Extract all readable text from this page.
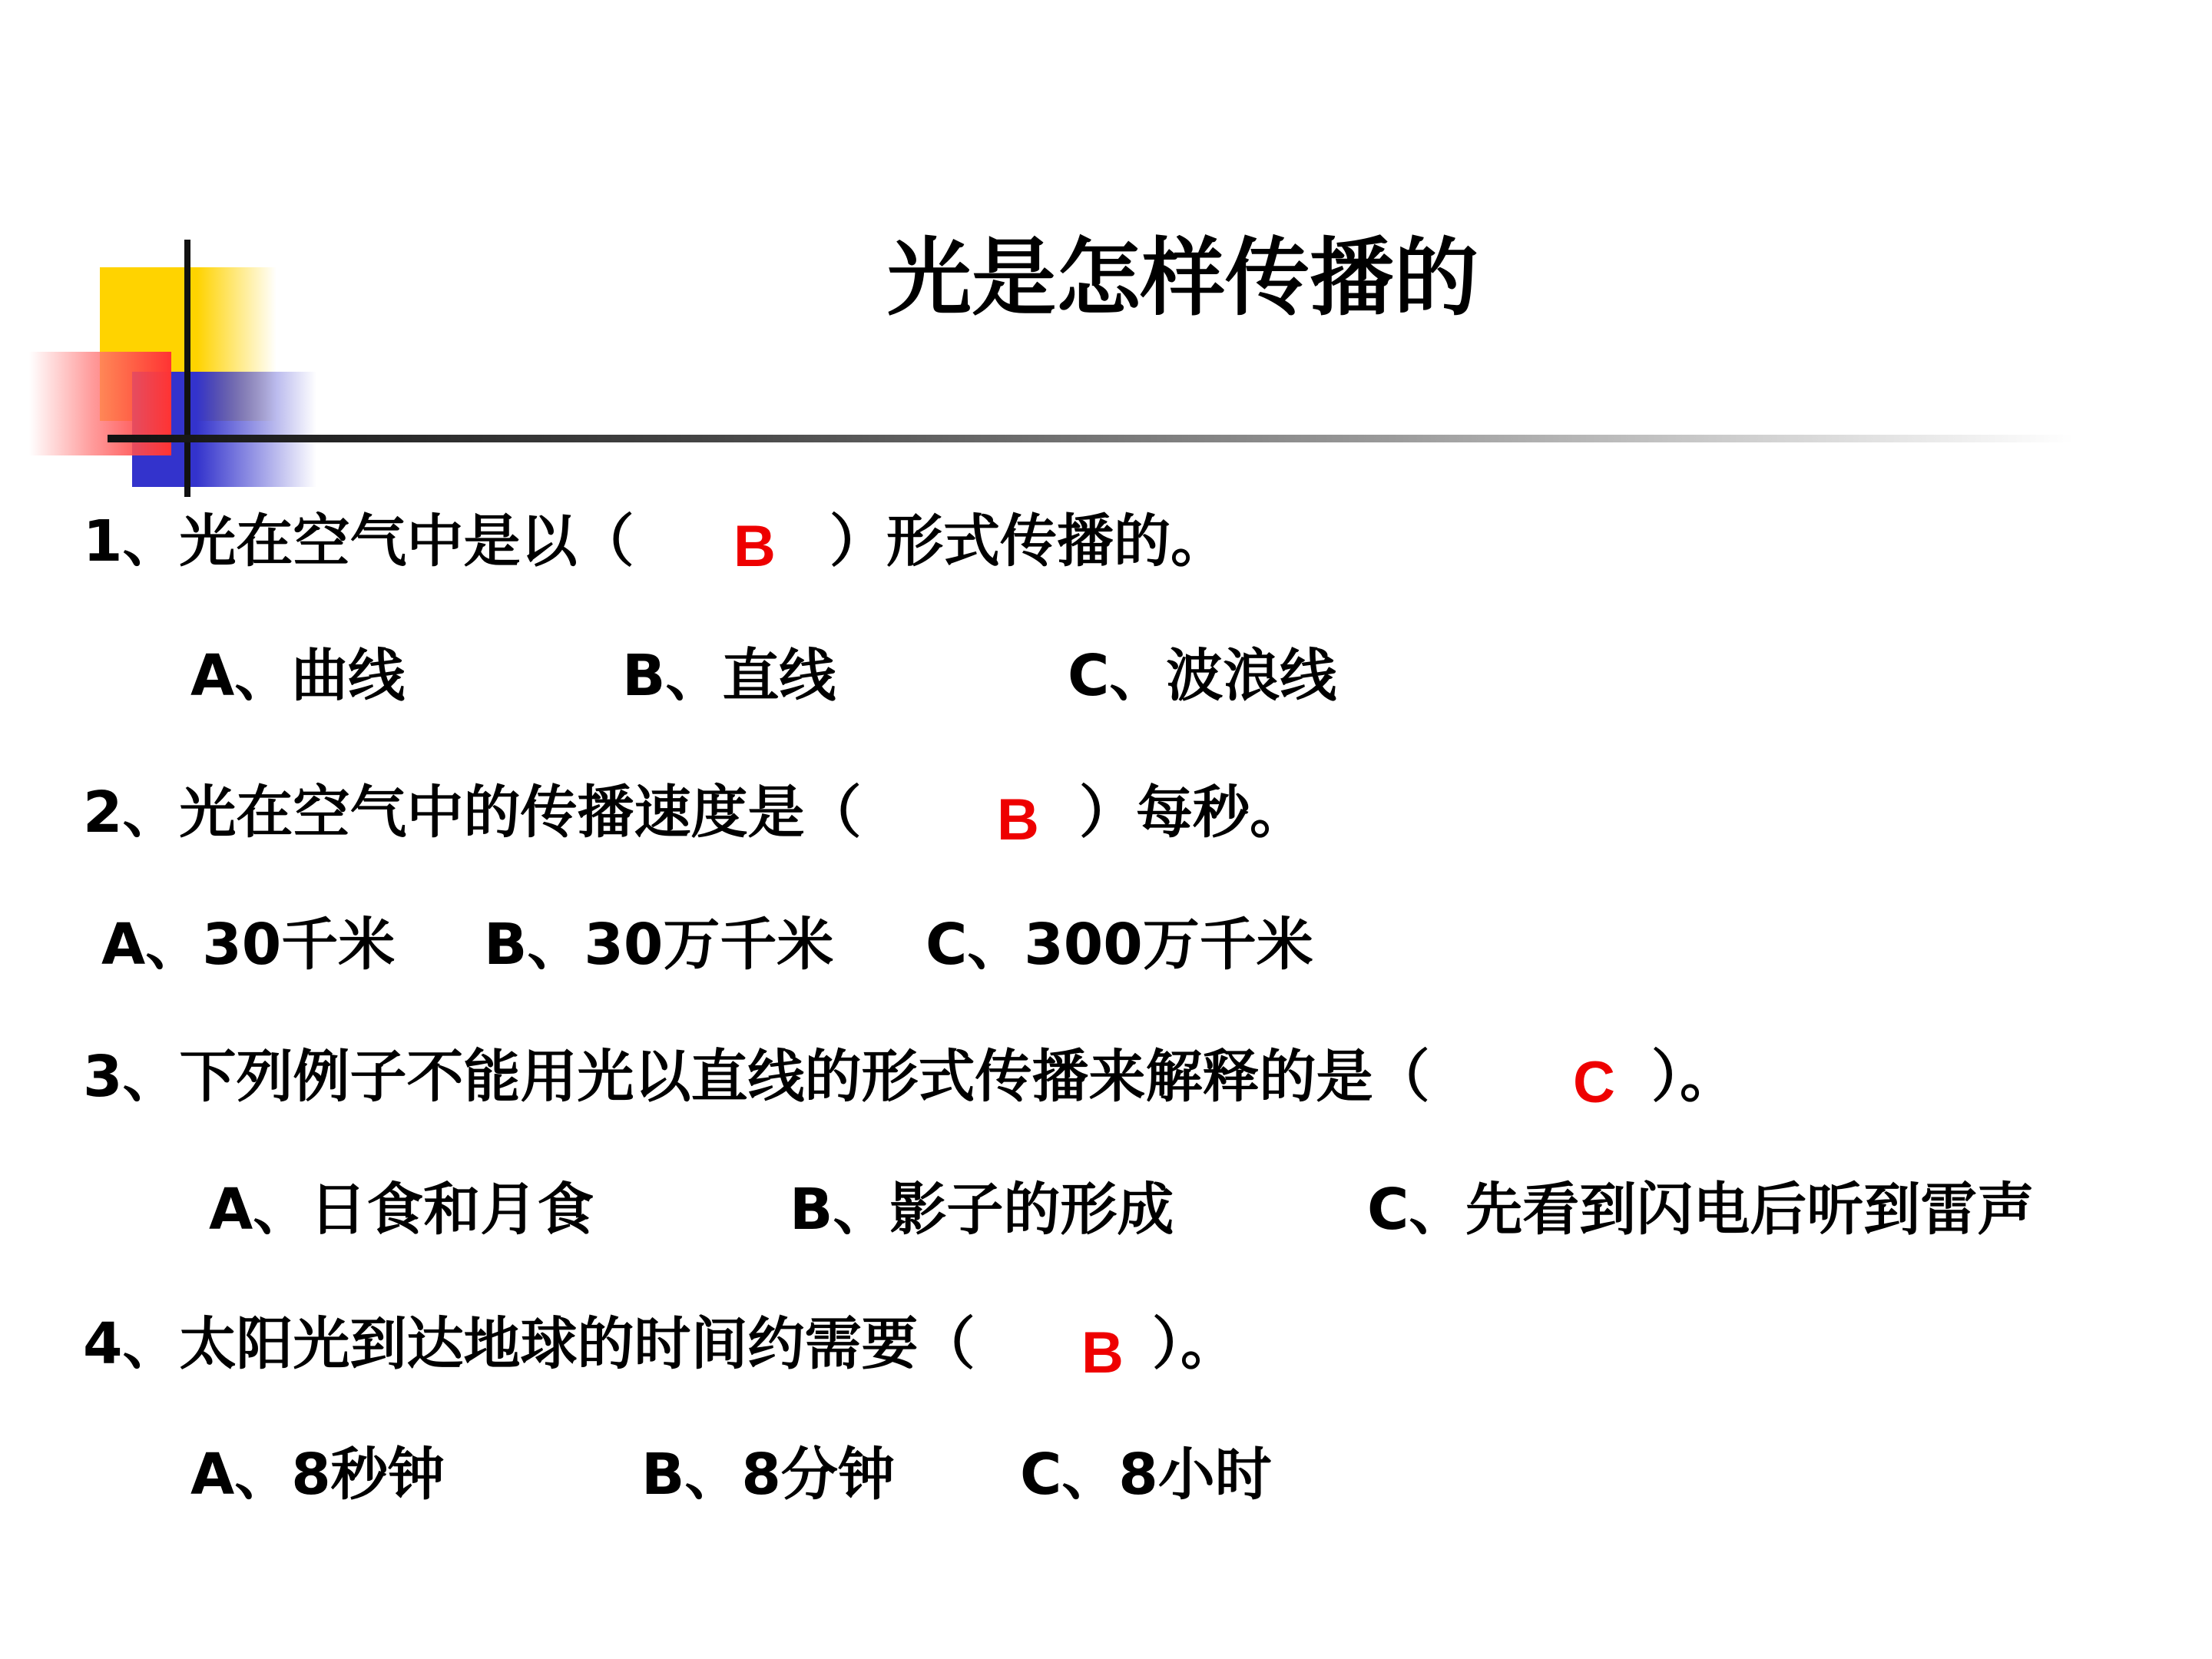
光是怎样传播的
1、光在空气中是以（ B ）形式传播的。
A、曲线	B、直线	C、波浪线
2、光在空气中的传播速度是（ B ）每秒。
A、30千米 B、30万千米 C、300万千米
3、下列例子不能用光以直线的形式传播来解释的是（ C ）。
A、日食和月食	B、影子的形成	C、先看到闪电后听到雷声
4、太阳光到达地球的时间约需要（ B ）。
A、8秒钟	B、8分钟 C、8小时
